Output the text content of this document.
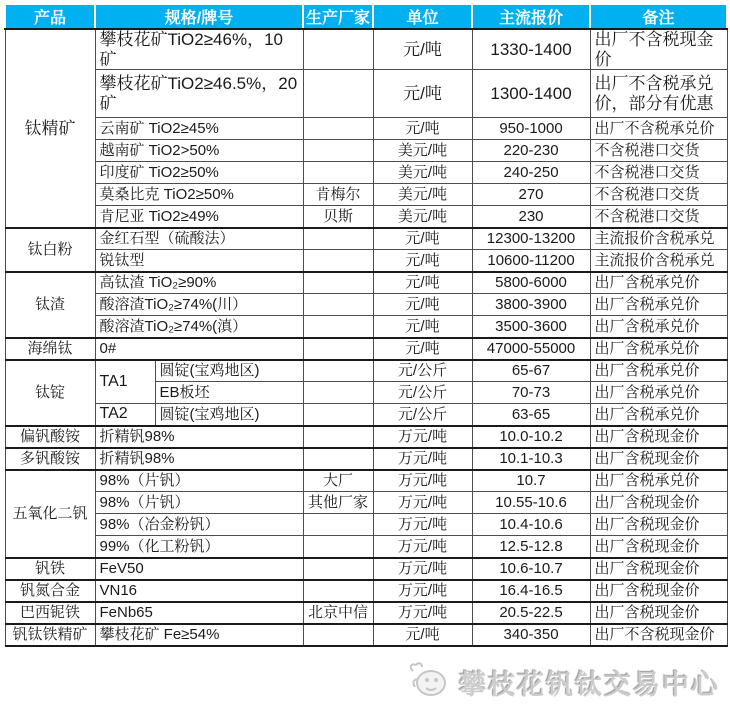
产品	规格/牌号		生产厂家	单位	主流报价	备注
钛精矿	攀枝花矿TiO2≥46%，10矿			元/吨	1330-1400	出厂不含税现金价
	攀枝花矿TiO2≥46.5%，20矿			元/吨	1300-1400	出厂不含税承兑价，部分有优惠
	云南矿 TiO2≥45%			元/吨	950-1000	出厂不含税承兑价
	越南矿 TiO2>50%			美元/吨	220-230	不含税港口交货
	印度矿 TiO2≥50%			美元/吨	240-250	不含税港口交货
	莫桑比克 TiO2≥50%		肯梅尔	美元/吨	270	不含税港口交货
	肯尼亚 TiO2≥49%		贝斯	美元/吨	230	不含税港口交货
钛白粉	金红石型（硫酸法）			元/吨	12300-13200	主流报价含税承兑
	锐钛型			元/吨	10600-11200	主流报价含税承兑
钛渣	高钛渣 TiO₂≥90%			元/吨	5800-6000	出厂含税承兑价
	酸溶渣TiO₂≥74%(川）			元/吨	3800-3900	出厂含税承兑价
	酸溶渣TiO₂≥74%(滇）			元/吨	3500-3600	出厂含税承兑价
海绵钛	0#			元/吨	47000-55000	出厂含税承兑价
钛锭	TA1	圆锭(宝鸡地区)		元/公斤	65-67	出厂含税承兑价
		EB板坯		元/公斤	70-73	出厂含税承兑价
	TA2	圆锭(宝鸡地区)		元/公斤	63-65	出厂含税承兑价
偏钒酸铵	折精钒98%			万元/吨	10.0-10.2	出厂含税现金价
多钒酸铵	折精钒98%			万元/吨	10.1-10.3	出厂含税现金价
五氧化二钒	98%（片钒）		大厂	万元/吨	10.7	出厂含税承兑价
	98%（片钒）		其他厂家	万元/吨	10.55-10.6	出厂含税现金价
	98%（冶金粉钒）			万元/吨	10.4-10.6	出厂含税现金价
	99%（化工粉钒）			万元/吨	12.5-12.8	出厂含税现金价
钒铁	FeV50			万元/吨	10.6-10.7	出厂含税现金价
钒氮合金	VN16			万元/吨	16.4-16.5	出厂含税现金价
巴西铌铁	FeNb65		北京中信	万元/吨	20.5-22.5	出厂含税现金价
钒钛铁精矿	攀枝花矿 Fe≥54%			元/吨	340-350	出厂不含税现金价
攀枝花钒钛交易中心
